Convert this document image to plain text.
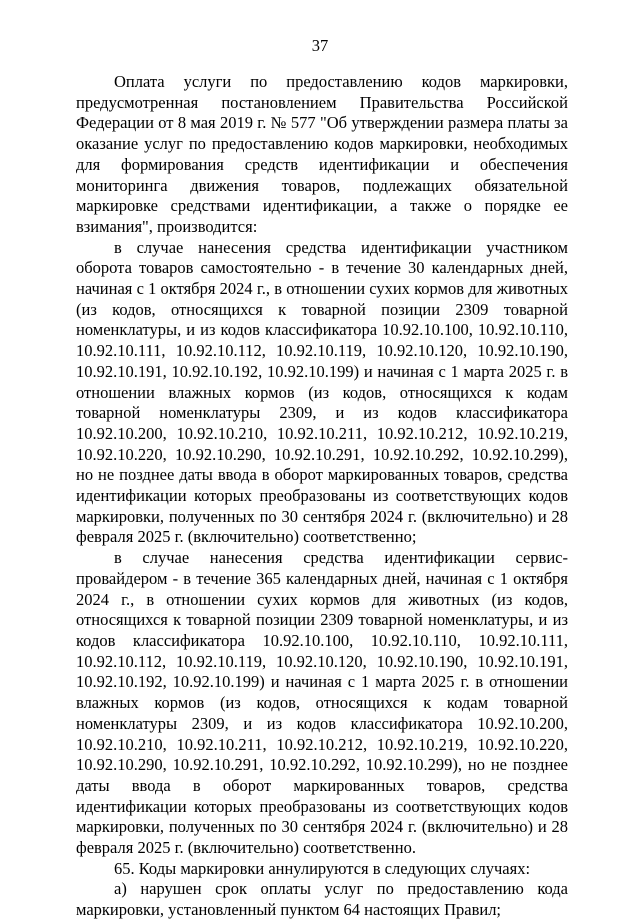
37

Оплата услуги по предоставлению кодов маркировки, предусмотренная постановлением Правительства Российской Федерации от 8 мая 2019 г. № 577 "Об утверждении размера платы за оказание услуг по предоставлению кодов маркировки, необходимых для формирования средств идентификации и обеспечения мониторинга движения товаров, подлежащих обязательной маркировке средствами идентификации, а также о порядке ее взимания", производится:

в случае нанесения средства идентификации участником оборота товаров самостоятельно - в течение 30 календарных дней, начиная с 1 октября 2024 г., в отношении сухих кормов для животных (из кодов, относящихся к товарной позиции 2309 товарной номенклатуры, и из кодов классификатора 10.92.10.100, 10.92.10.110, 10.92.10.111, 10.92.10.112, 10.92.10.119, 10.92.10.120, 10.92.10.190, 10.92.10.191, 10.92.10.192, 10.92.10.199) и начиная с 1 марта 2025 г. в отношении влажных кормов (из кодов, относящихся к кодам товарной номенклатуры 2309, и из кодов классификатора 10.92.10.200, 10.92.10.210, 10.92.10.211, 10.92.10.212, 10.92.10.219, 10.92.10.220, 10.92.10.290, 10.92.10.291, 10.92.10.292, 10.92.10.299), но не позднее даты ввода в оборот маркированных товаров, средства идентификации которых преобразованы из соответствующих кодов маркировки, полученных по 30 сентября 2024 г. (включительно) и 28 февраля 2025 г. (включительно) соответственно;

в случае нанесения средства идентификации сервис-провайдером - в течение 365 календарных дней, начиная с 1 октября 2024 г., в отношении сухих кормов для животных (из кодов, относящихся к товарной позиции 2309 товарной номенклатуры, и из кодов классификатора 10.92.10.100, 10.92.10.110, 10.92.10.111, 10.92.10.112, 10.92.10.119, 10.92.10.120, 10.92.10.190, 10.92.10.191, 10.92.10.192, 10.92.10.199) и начиная с 1 марта 2025 г. в отношении влажных кормов (из кодов, относящихся к кодам товарной номенклатуры 2309, и из кодов классификатора 10.92.10.200, 10.92.10.210, 10.92.10.211, 10.92.10.212, 10.92.10.219, 10.92.10.220, 10.92.10.290, 10.92.10.291, 10.92.10.292, 10.92.10.299), но не позднее даты ввода в оборот маркированных товаров, средства идентификации которых преобразованы из соответствующих кодов маркировки, полученных по 30 сентября 2024 г. (включительно) и 28 февраля 2025 г. (включительно) соответственно.

65. Коды маркировки аннулируются в следующих случаях:

а) нарушен срок оплаты услуг по предоставлению кода маркировки, установленный пунктом 64 настоящих Правил;
